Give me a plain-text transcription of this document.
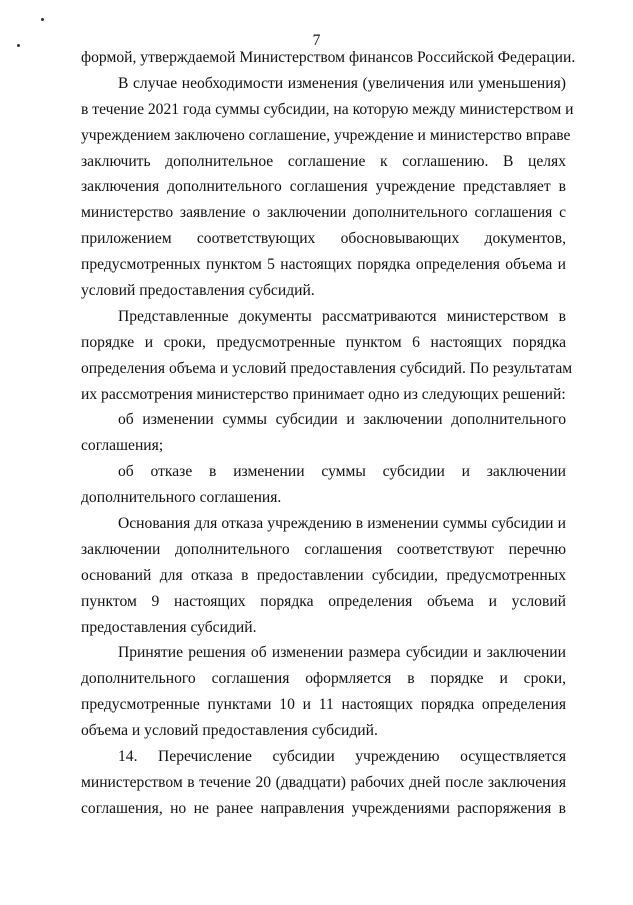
7
формой, утверждаемой Министерством финансов Российской Федерации.
В случае необходимости изменения (увеличения или уменьшения)
в течение 2021 года суммы субсидии, на которую между министерством и
учреждением заключено соглашение, учреждение и министерство вправе
заключить дополнительное соглашение к соглашению. В целях
заключения дополнительного соглашения учреждение представляет в
министерство заявление о заключении дополнительного соглашения с
приложением соответствующих обосновывающих документов,
предусмотренных пунктом 5 настоящих порядка определения объема и
условий предоставления субсидий.
Представленные документы рассматриваются министерством в
порядке и сроки, предусмотренные пунктом 6 настоящих порядка
определения объема и условий предоставления субсидий. По результатам
их рассмотрения министерство принимает одно из следующих решений:
об изменении суммы субсидии и заключении дополнительного
соглашения;
об отказе в изменении суммы субсидии и заключении
дополнительного соглашения.
Основания для отказа учреждению в изменении суммы субсидии и
заключении дополнительного соглашения соответствуют перечню
оснований для отказа в предоставлении субсидии, предусмотренных
пунктом 9 настоящих порядка определения объема и условий
предоставления субсидий.
Принятие решения об изменении размера субсидии и заключении
дополнительного соглашения оформляется в порядке и сроки,
предусмотренные пунктами 10 и 11 настоящих порядка определения
объема и условий предоставления субсидий.
14. Перечисление субсидии учреждению осуществляется
министерством в течение 20 (двадцати) рабочих дней после заключения
соглашения, но не ранее направления учреждениями распоряжения в
